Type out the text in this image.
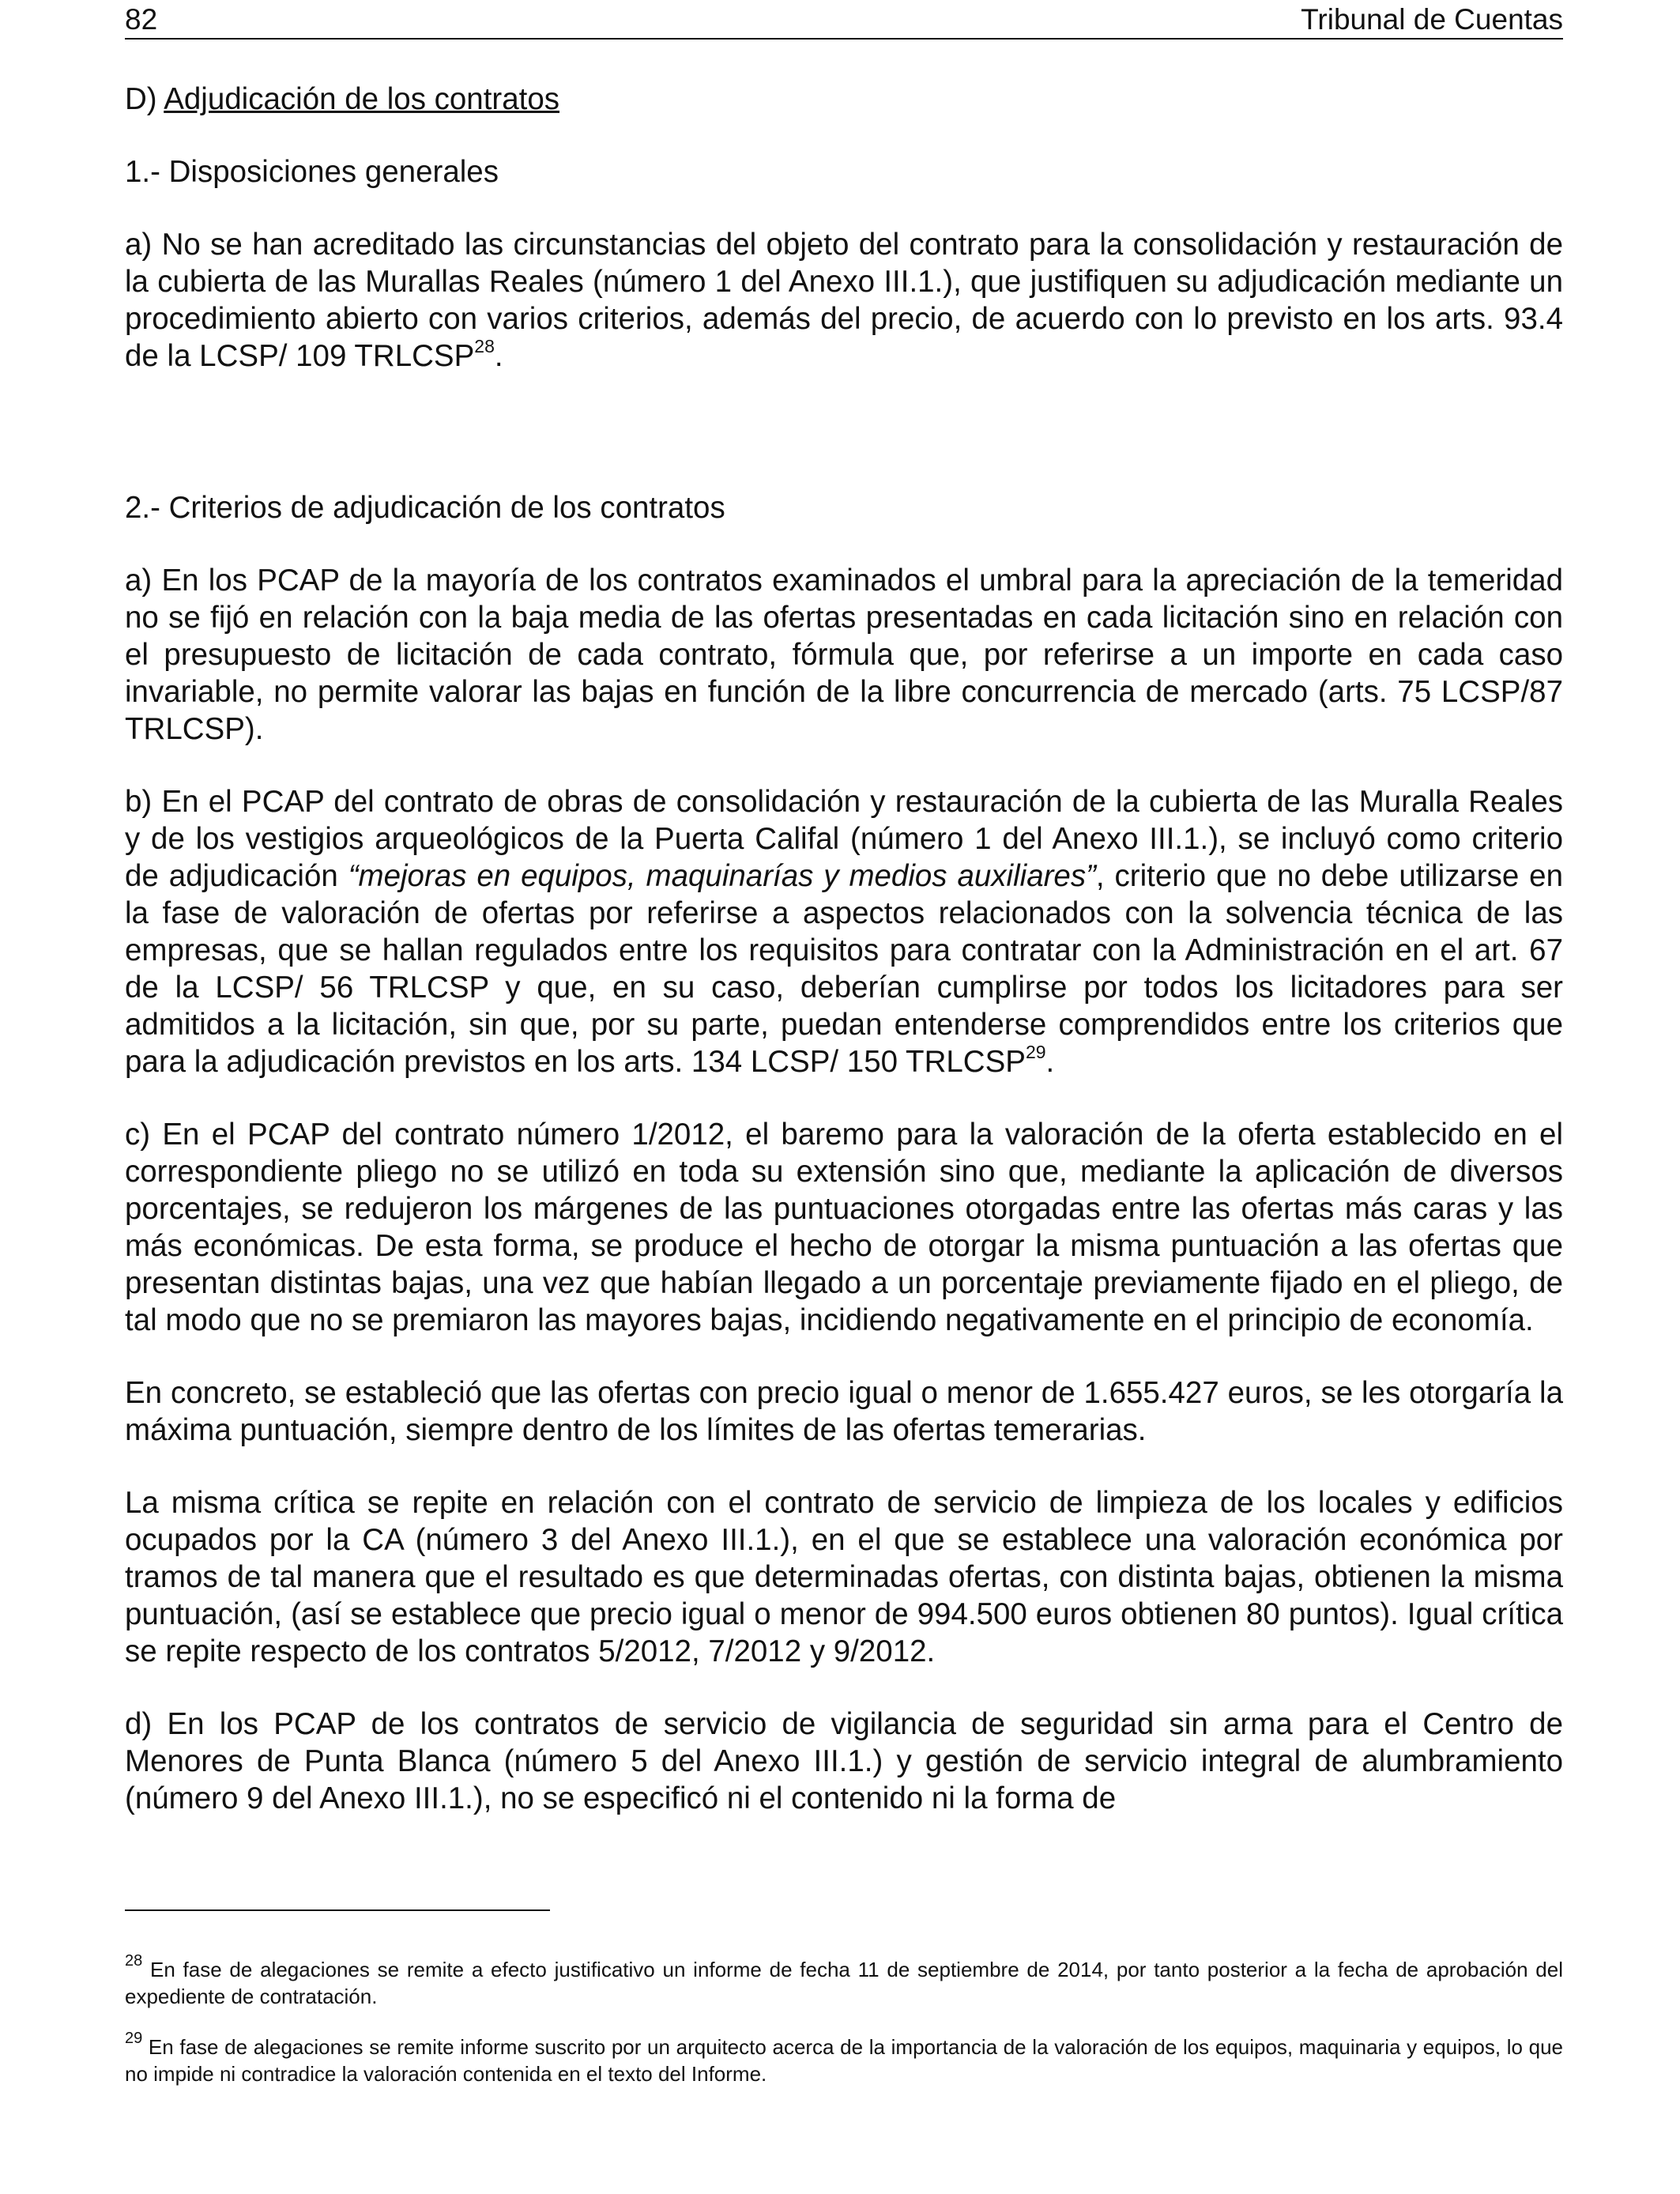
82	Tribunal de Cuentas
D) Adjudicación de los contratos
1.- Disposiciones generales

a) No se han acreditado las circunstancias del objeto del contrato para la consolidación y restauración de la cubierta de las Murallas Reales (número 1 del Anexo III.1.), que justifiquen su adjudicación mediante un procedimiento abierto con varios criterios, además del precio, de acuerdo con lo previsto en los arts. 93.4 de la LCSP/ 109 TRLCSP$^{28}$.

2.- Criterios de adjudicación de los contratos

a) En los PCAP de la mayoría de los contratos examinados el umbral para la apreciación de la temeridad no se fijó en relación con la baja media de las ofertas presentadas en cada licitación sino en relación con el presupuesto de licitación de cada contrato, fórmula que, por referirse a un importe en cada caso invariable, no permite valorar las bajas en función de la libre concurrencia de mercado (arts. 75 LCSP/87 TRLCSP).

b) En el PCAP del contrato de obras de consolidación y restauración de la cubierta de las Muralla Reales y de los vestigios arqueológicos de la Puerta Califal (número 1 del Anexo III.1.), se incluyó como criterio de adjudicación “mejoras en equipos, maquinarías y medios auxiliares”, criterio que no debe utilizarse en la fase de valoración de ofertas por referirse a aspectos relacionados con la solvencia técnica de las empresas, que se hallan regulados entre los requisitos para contratar con la Administración en el art. 67 de la LCSP/ 56 TRLCSP y que, en su caso, deberían cumplirse por todos los licitadores para ser admitidos a la licitación, sin que, por su parte, puedan entenderse comprendidos entre los criterios que para la adjudicación previstos en los arts. 134 LCSP/ 150 TRLCSP$^{29}$.

c) En el PCAP del contrato número 1/2012, el baremo para la valoración de la oferta establecido en el correspondiente pliego no se utilizó en toda su extensión sino que, mediante la aplicación de diversos porcentajes, se redujeron los márgenes de las puntuaciones otorgadas entre las ofertas más caras y las más económicas. De esta forma, se produce el hecho de otorgar la misma puntuación a las ofertas que presentan distintas bajas, una vez que habían llegado a un porcentaje previamente fijado en el pliego, de tal modo que no se premiaron las mayores bajas, incidiendo negativamente en el principio de economía.

En concreto, se estableció que las ofertas con precio igual o menor de 1.655.427 euros, se les otorgaría la máxima puntuación, siempre dentro de los límites de las ofertas temerarias.

La misma crítica se repite en relación con el contrato de servicio de limpieza de los locales y edificios ocupados por la CA (número 3 del Anexo III.1.), en el que se establece una valoración económica por tramos de tal manera que el resultado es que determinadas ofertas, con distinta bajas, obtienen la misma puntuación, (así se establece que precio igual o menor de 994.500 euros obtienen 80 puntos). Igual crítica se repite respecto de los contratos 5/2012, 7/2012 y 9/2012.

d) En los PCAP de los contratos de servicio de vigilancia de seguridad sin arma para el Centro de Menores de Punta Blanca (número 5 del Anexo III.1.) y gestión de servicio integral de alumbramiento (número 9 del Anexo III.1.), no se especificó ni el contenido ni la forma de

$^{28}$ En fase de alegaciones se remite a efecto justificativo un informe de fecha 11 de septiembre de 2014, por tanto posterior a la fecha de aprobación del expediente de contratación.

$^{29}$ En fase de alegaciones se remite informe suscrito por un arquitecto acerca de la importancia de la valoración de los equipos, maquinaria y equipos, lo que no impide ni contradice la valoración contenida en el texto del Informe.
